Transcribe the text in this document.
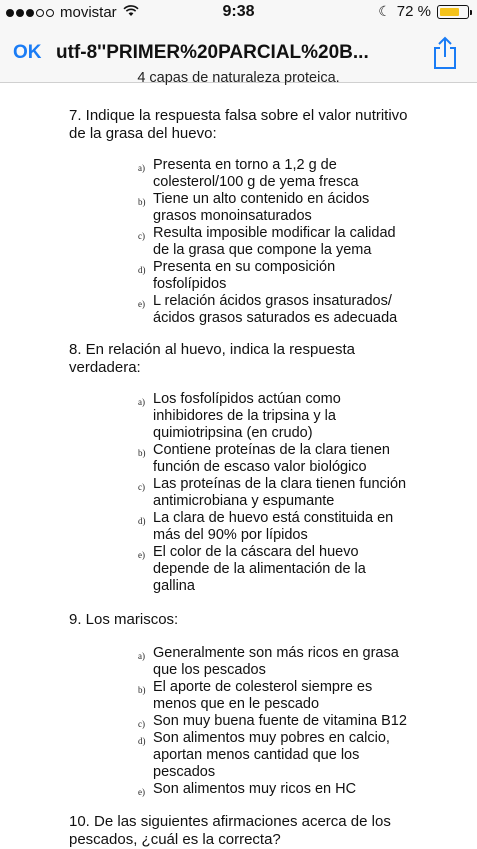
movistar	9:38	☾ 72 %
OK utf-8''PRIMER%20PARCIAL%20B...
4 capas de naturaleza proteica.
7. Indique la respuesta falsa sobre el valor nutritivo de la grasa del huevo:
a) Presenta en torno a 1,2 g de colesterol/100 g de yema fresca
b) Tiene un alto contenido en ácidos grasos monoinsaturados
c) Resulta imposible modificar la calidad de la grasa que compone la yema
d) Presenta en su composición fosfolípidos
e) L relación ácidos grasos insaturados/ ácidos grasos saturados es adecuada
8. En relación al huevo, indica la respuesta verdadera:
a) Los fosfolípidos actúan como inhibidores de la tripsina y la quimiotripsina (en crudo)
b) Contiene proteínas de la clara tienen función de escaso valor biológico
c) Las proteínas de la clara tienen función antimicrobiana y espumante
d) La clara de huevo está constituida en más del 90% por lípidos
e) El color de la cáscara del huevo depende de la alimentación de la gallina
9. Los mariscos:
a) Generalmente son más ricos en grasa que los pescados
b) El aporte de colesterol siempre es menos que en le pescado
c) Son muy buena fuente de vitamina B12
d) Son alimentos muy pobres en calcio, aportan menos cantidad que los pescados
e) Son alimentos muy ricos en HC
10. De las siguientes afirmaciones acerca de los pescados, ¿cuál es la correcta?
